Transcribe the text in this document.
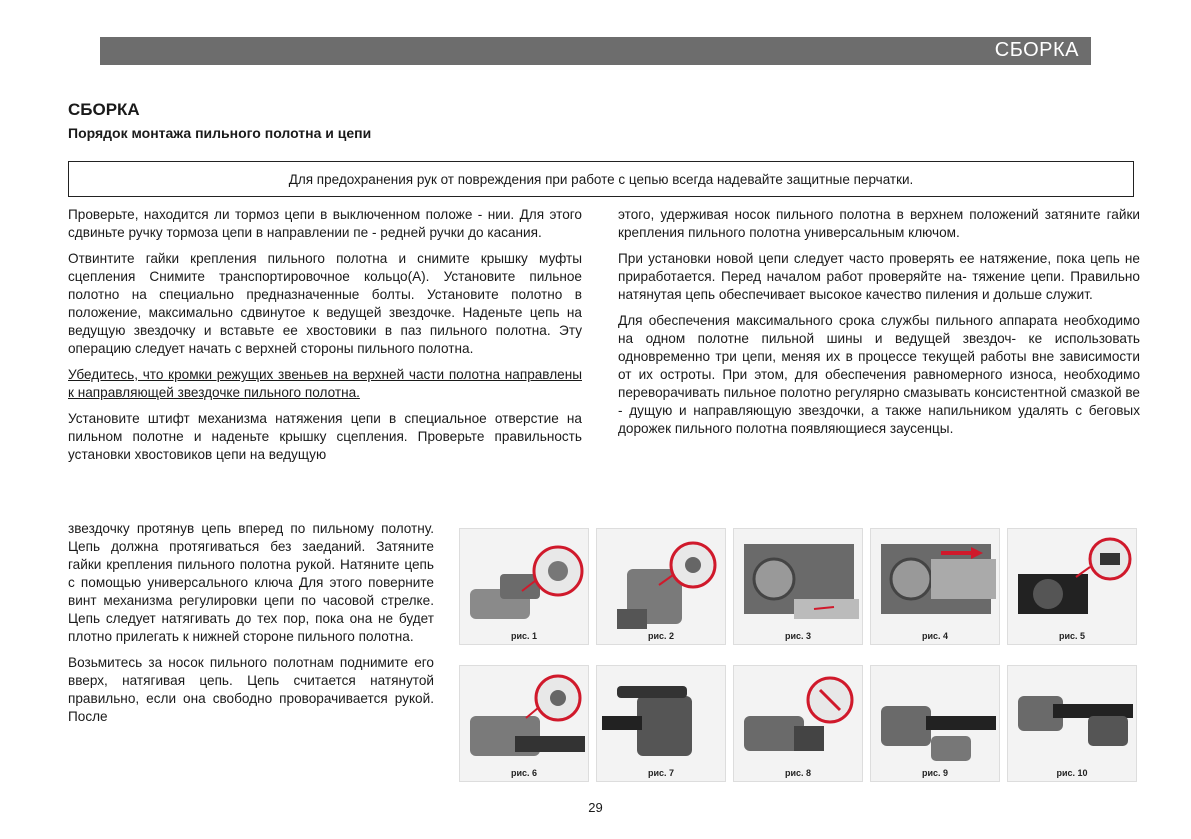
СБОРКА
СБОРКА
Порядок монтажа пильного полотна и цепи
Для предохранения рук от повреждения при работе с цепью всегда надевайте защитные перчатки.

Проверьте, находится ли тормоз цепи в выключенном положе - нии. Для этого сдвиньте ручку тормоза цепи в направлении пе - редней ручки до касания.

Отвинтите гайки крепления пильного полотна и снимите крышку муфты сцепления Снимите транспортировочное кольцо(A). Установите пильное полотно на специально предназначенные болты. Установите полотно в положение, максимально сдвинутое к ведущей звездочке. Наденьте цепь на ведущую звездочку и вставьте ее хвостовики в паз пильного полотна. Эту операцию следует начать с верхней стороны пильного полотна.

Убедитесь, что кромки режущих звеньев на верхней части полотна направлены к направляющей звездочке пильного полотна.

Установите штифт механизма натяжения цепи в специальное отверстие на пильном полотне и наденьте крышку сцепления. Проверьте правильность установки хвостовиков цепи на ведущую

звездочку протянув цепь вперед по пильному полотну. Цепь должна протягиваться без заеданий. Затяните гайки крепления пильного полотна рукой. Натяните цепь с помощью универсального ключа Для этого поверните винт механизма регулировки цепи по часовой стрелке. Цепь следует натягивать до тех пор, пока она не будет плотно прилегать к нижней стороне пильного полотна.

Возьмитесь за носок пильного полотнам поднимите его вверх, натягивая цепь. Цепь считается натянутой правильно, если она свободно проворачивается рукой. После

этого, удерживая носок пильного полотна в верхнем положений затяните гайки крепления пильного полотна универсальным ключом.

При установки новой цепи следует часто проверять ее натяжение, пока цепь не приработается. Перед началом работ проверяйте на- тяжение цепи. Правильно натянутая цепь обеспечивает высокое качество пиления и дольше служит.

Для обеспечения максимального срока службы пильного аппарата необходимо на одном полотне пильной шины и ведущей звездоч- ке использовать одновременно три цепи, меняя их в процессе текущей работы вне зависимости от их остроты. При этом, для обеспечения равномерного износа, необходимо переворачивать пильное полотно регулярно смазывать консистентной смазкой ве - дущую и направляющую звездочки, а также напильником удалять с беговых дорожек пильного полотна появляющиеся заусенцы.

рис. 1	рис. 2	рис. 3	рис. 4	рис. 5
рис. 6	рис. 7	рис. 8	рис. 9	рис. 10
29
